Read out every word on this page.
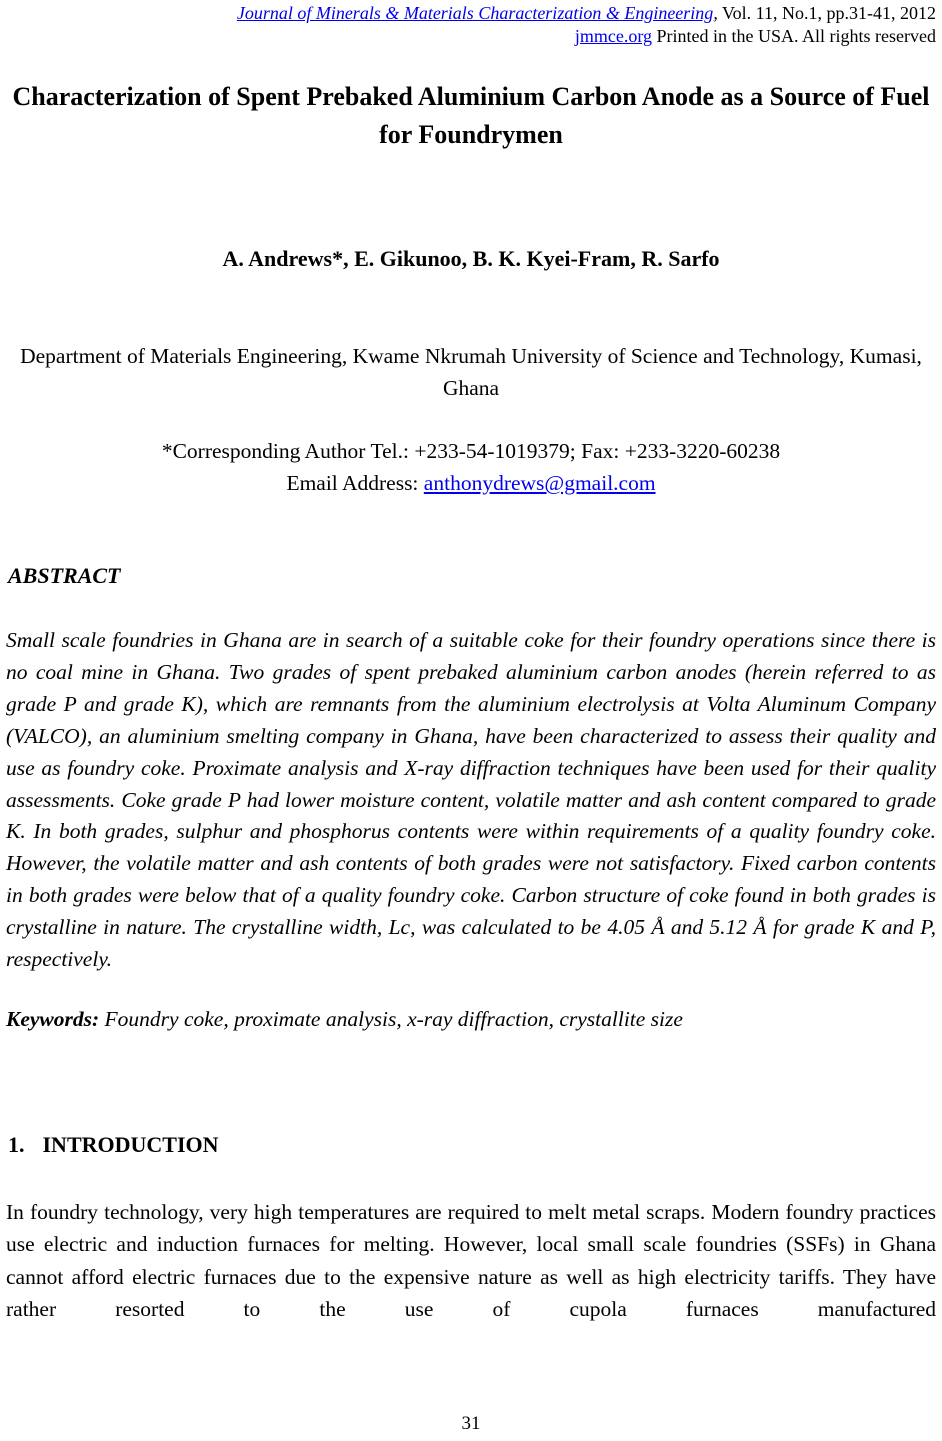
Journal of Minerals & Materials Characterization & Engineering, Vol. 11, No.1, pp.31-41, 2012
jmmce.org Printed in the USA. All rights reserved
Characterization of Spent Prebaked Aluminium Carbon Anode as a Source of Fuel for Foundrymen
A. Andrews*, E. Gikunoo, B. K. Kyei-Fram, R. Sarfo
Department of Materials Engineering, Kwame Nkrumah University of Science and Technology, Kumasi, Ghana
*Corresponding Author Tel.: +233-54-1019379; Fax: +233-3220-60238
Email Address: anthonydrews@gmail.com
ABSTRACT

Small scale foundries in Ghana are in search of a suitable coke for their foundry operations since there is no coal mine in Ghana. Two grades of spent prebaked aluminium carbon anodes (herein referred to as grade P and grade K), which are remnants from the aluminium electrolysis at Volta Aluminum Company (VALCO), an aluminium smelting company in Ghana, have been characterized to assess their quality and use as foundry coke. Proximate analysis and X-ray diffraction techniques have been used for their quality assessments. Coke grade P had lower moisture content, volatile matter and ash content compared to grade K. In both grades, sulphur and phosphorus contents were within requirements of a quality foundry coke. However, the volatile matter and ash contents of both grades were not satisfactory. Fixed carbon contents in both grades were below that of a quality foundry coke. Carbon structure of coke found in both grades is crystalline in nature. The crystalline width, Lc, was calculated to be 4.05 Å and 5.12 Å for grade K and P, respectively.

Keywords: Foundry coke, proximate analysis, x-ray diffraction, crystallite size
1. INTRODUCTION

In foundry technology, very high temperatures are required to melt metal scraps. Modern foundry practices use electric and induction furnaces for melting. However, local small scale foundries (SSFs) in Ghana cannot afford electric furnaces due to the expensive nature as well as high electricity tariffs. They have rather resorted to the use of cupola furnaces manufactured

31
